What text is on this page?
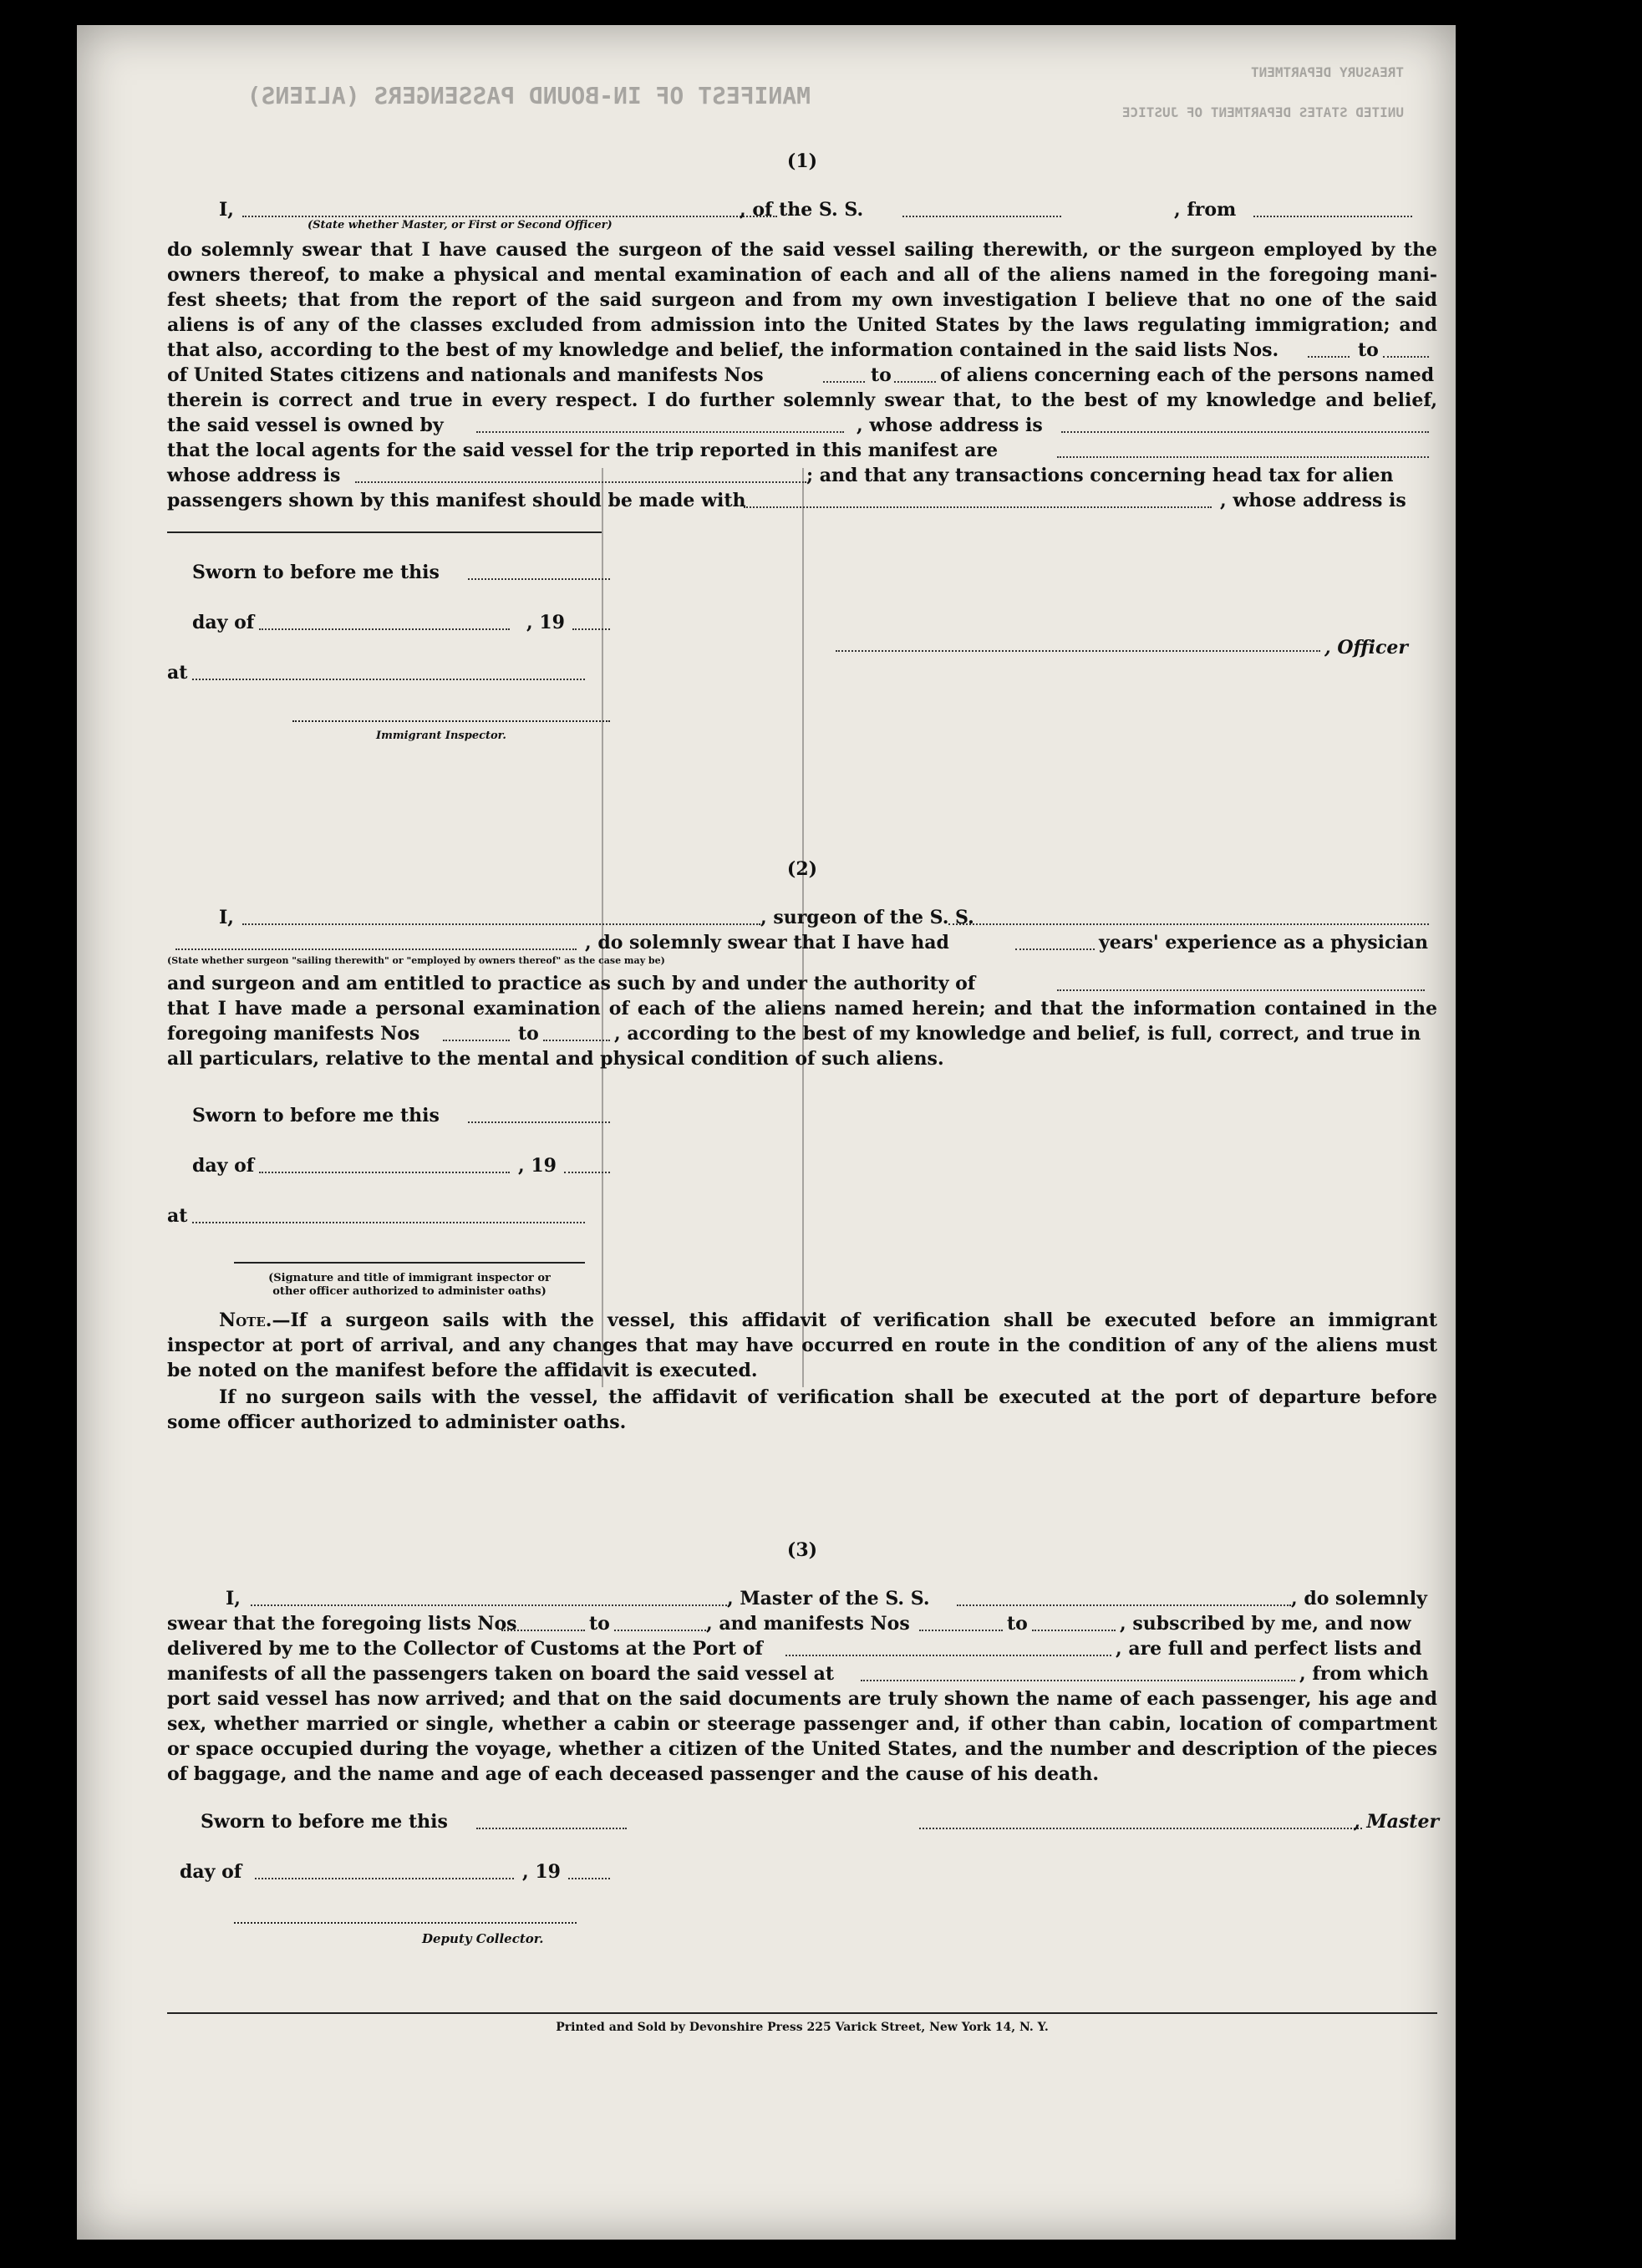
MANIFEST OF IN-BOUND PASSENGERS (ALIENS)
TREASURY DEPARTMENT
UNITED STATES DEPARTMENT OF JUSTICE
(1)
I,	, of the S. S.	, from
(State whether Master, or First or Second Officer)
do solemnly swear that I have caused the surgeon of the said vessel sailing therewith, or the surgeon employed by the
owners thereof, to make a physical and mental examination of each and all of the aliens named in the foregoing mani-
fest sheets; that from the report of the said surgeon and from my own investigation I believe that no one of the said
aliens is of any of the classes excluded from admission into the United States by the laws regulating immigration; and
that also, according to the best of my knowledge and belief, the information contained in the said lists Nos.	to
of United States citizens and nationals and manifests Nos	to	of aliens concerning each of the persons named
therein is correct and true in every respect. I do further solemnly swear that, to the best of my knowledge and belief,
the said vessel is owned by	, whose address is
that the local agents for the said vessel for the trip reported in this manifest are
whose address is	; and that any transactions concerning head tax for alien
passengers shown by this manifest should be made with	, whose address is
Sworn to before me this
day of	, 19
at
, Officer
Immigrant Inspector.
(2)
I,	, surgeon of the S. S.
, do solemnly swear that I have had	years' experience as a physician
(State whether surgeon "sailing therewith" or "employed by owners thereof" as the case may be)
and surgeon and am entitled to practice as such by and under the authority of
that I have made a personal examination of each of the aliens named herein; and that the information contained in the
foregoing manifests Nos	to	, according to the best of my knowledge and belief, is full, correct, and true in
all particulars, relative to the mental and physical condition of such aliens.
Sworn to before me this
day of	, 19
at
(Signature and title of immigrant inspector or
other officer authorized to administer oaths)
Note.—If a surgeon sails with the vessel, this affidavit of verification shall be executed before an immigrant
inspector at port of arrival, and any changes that may have occurred en route in the condition of any of the aliens must
be noted on the manifest before the affidavit is executed.
If no surgeon sails with the vessel, the affidavit of verification shall be executed at the port of departure before
some officer authorized to administer oaths.
(3)
I,	, Master of the S. S.	, do solemnly
swear that the foregoing lists Nos	to	, and manifests Nos	to	, subscribed by me, and now
delivered by me to the Collector of Customs at the Port of	, are full and perfect lists and
manifests of all the passengers taken on board the said vessel at	, from which
port said vessel has now arrived; and that on the said documents are truly shown the name of each passenger, his age and
sex, whether married or single, whether a cabin or steerage passenger and, if other than cabin, location of compartment
or space occupied during the voyage, whether a citizen of the United States, and the number and description of the pieces
of baggage, and the name and age of each deceased passenger and the cause of his death.
Sworn to before me this	, Master
day of	, 19
Deputy Collector.
Printed and Sold by Devonshire Press 225 Varick Street, New York 14, N. Y.
